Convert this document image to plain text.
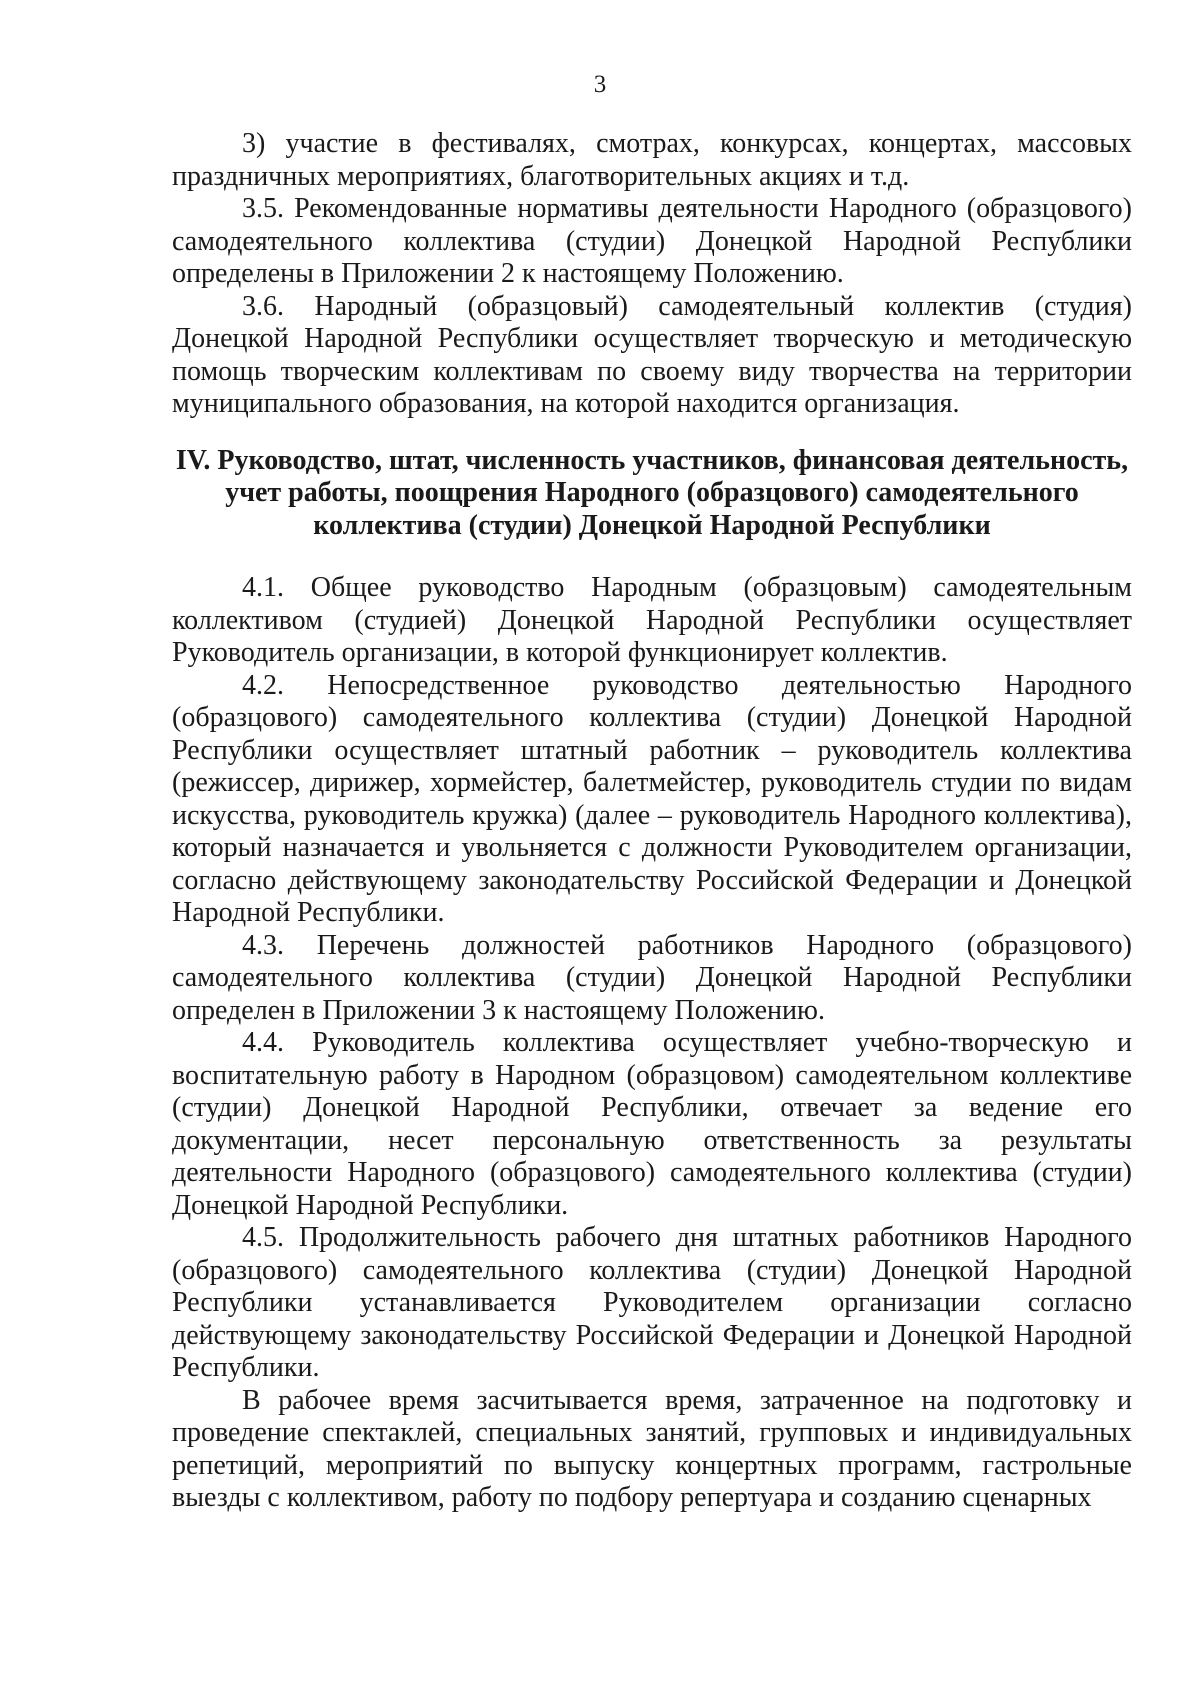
3

3) участие в фестивалях, смотрах, конкурсах, концертах, массовых праздничных мероприятиях, благотворительных акциях и т.д.

3.5. Рекомендованные нормативы деятельности Народного (образцового) самодеятельного коллектива (студии) Донецкой Народной Республики определены в Приложении 2 к настоящему Положению.

3.6. Народный (образцовый) самодеятельный коллектив (студия) Донецкой Народной Республики осуществляет творческую и методическую помощь творческим коллективам по своему виду творчества на территории муниципального образования, на которой находится организация.

IV. Руководство, штат, численность участников, финансовая деятельность,
учет работы, поощрения Народного (образцового) самодеятельного
коллектива (студии) Донецкой Народной Республики

4.1. Общее руководство Народным (образцовым) самодеятельным коллективом (студией) Донецкой Народной Республики осуществляет Руководитель организации, в которой функционирует коллектив.

4.2. Непосредственное руководство деятельностью Народного (образцового) самодеятельного коллектива (студии) Донецкой Народной Республики осуществляет штатный работник – руководитель коллектива (режиссер, дирижер, хормейстер, балетмейстер, руководитель студии по видам искусства, руководитель кружка) (далее – руководитель Народного коллектива), который назначается и увольняется с должности Руководителем организации, согласно действующему законодательству Российской Федерации и Донецкой Народной Республики.

4.3. Перечень должностей работников Народного (образцового) самодеятельного коллектива (студии) Донецкой Народной Республики определен в Приложении 3 к настоящему Положению.

4.4. Руководитель коллектива осуществляет учебно-творческую и воспитательную работу в Народном (образцовом) самодеятельном коллективе (студии) Донецкой Народной Республики, отвечает за ведение его документации, несет персональную ответственность за результаты деятельности Народного (образцового) самодеятельного коллектива (студии) Донецкой Народной Республики.

4.5. Продолжительность рабочего дня штатных работников Народного (образцового) самодеятельного коллектива (студии) Донецкой Народной Республики устанавливается Руководителем организации согласно действующему законодательству Российской Федерации и Донецкой Народной Республики.

В рабочее время засчитывается время, затраченное на подготовку и проведение спектаклей, специальных занятий, групповых и индивидуальных репетиций, мероприятий по выпуску концертных программ, гастрольные выезды с коллективом, работу по подбору репертуара и созданию сценарных
